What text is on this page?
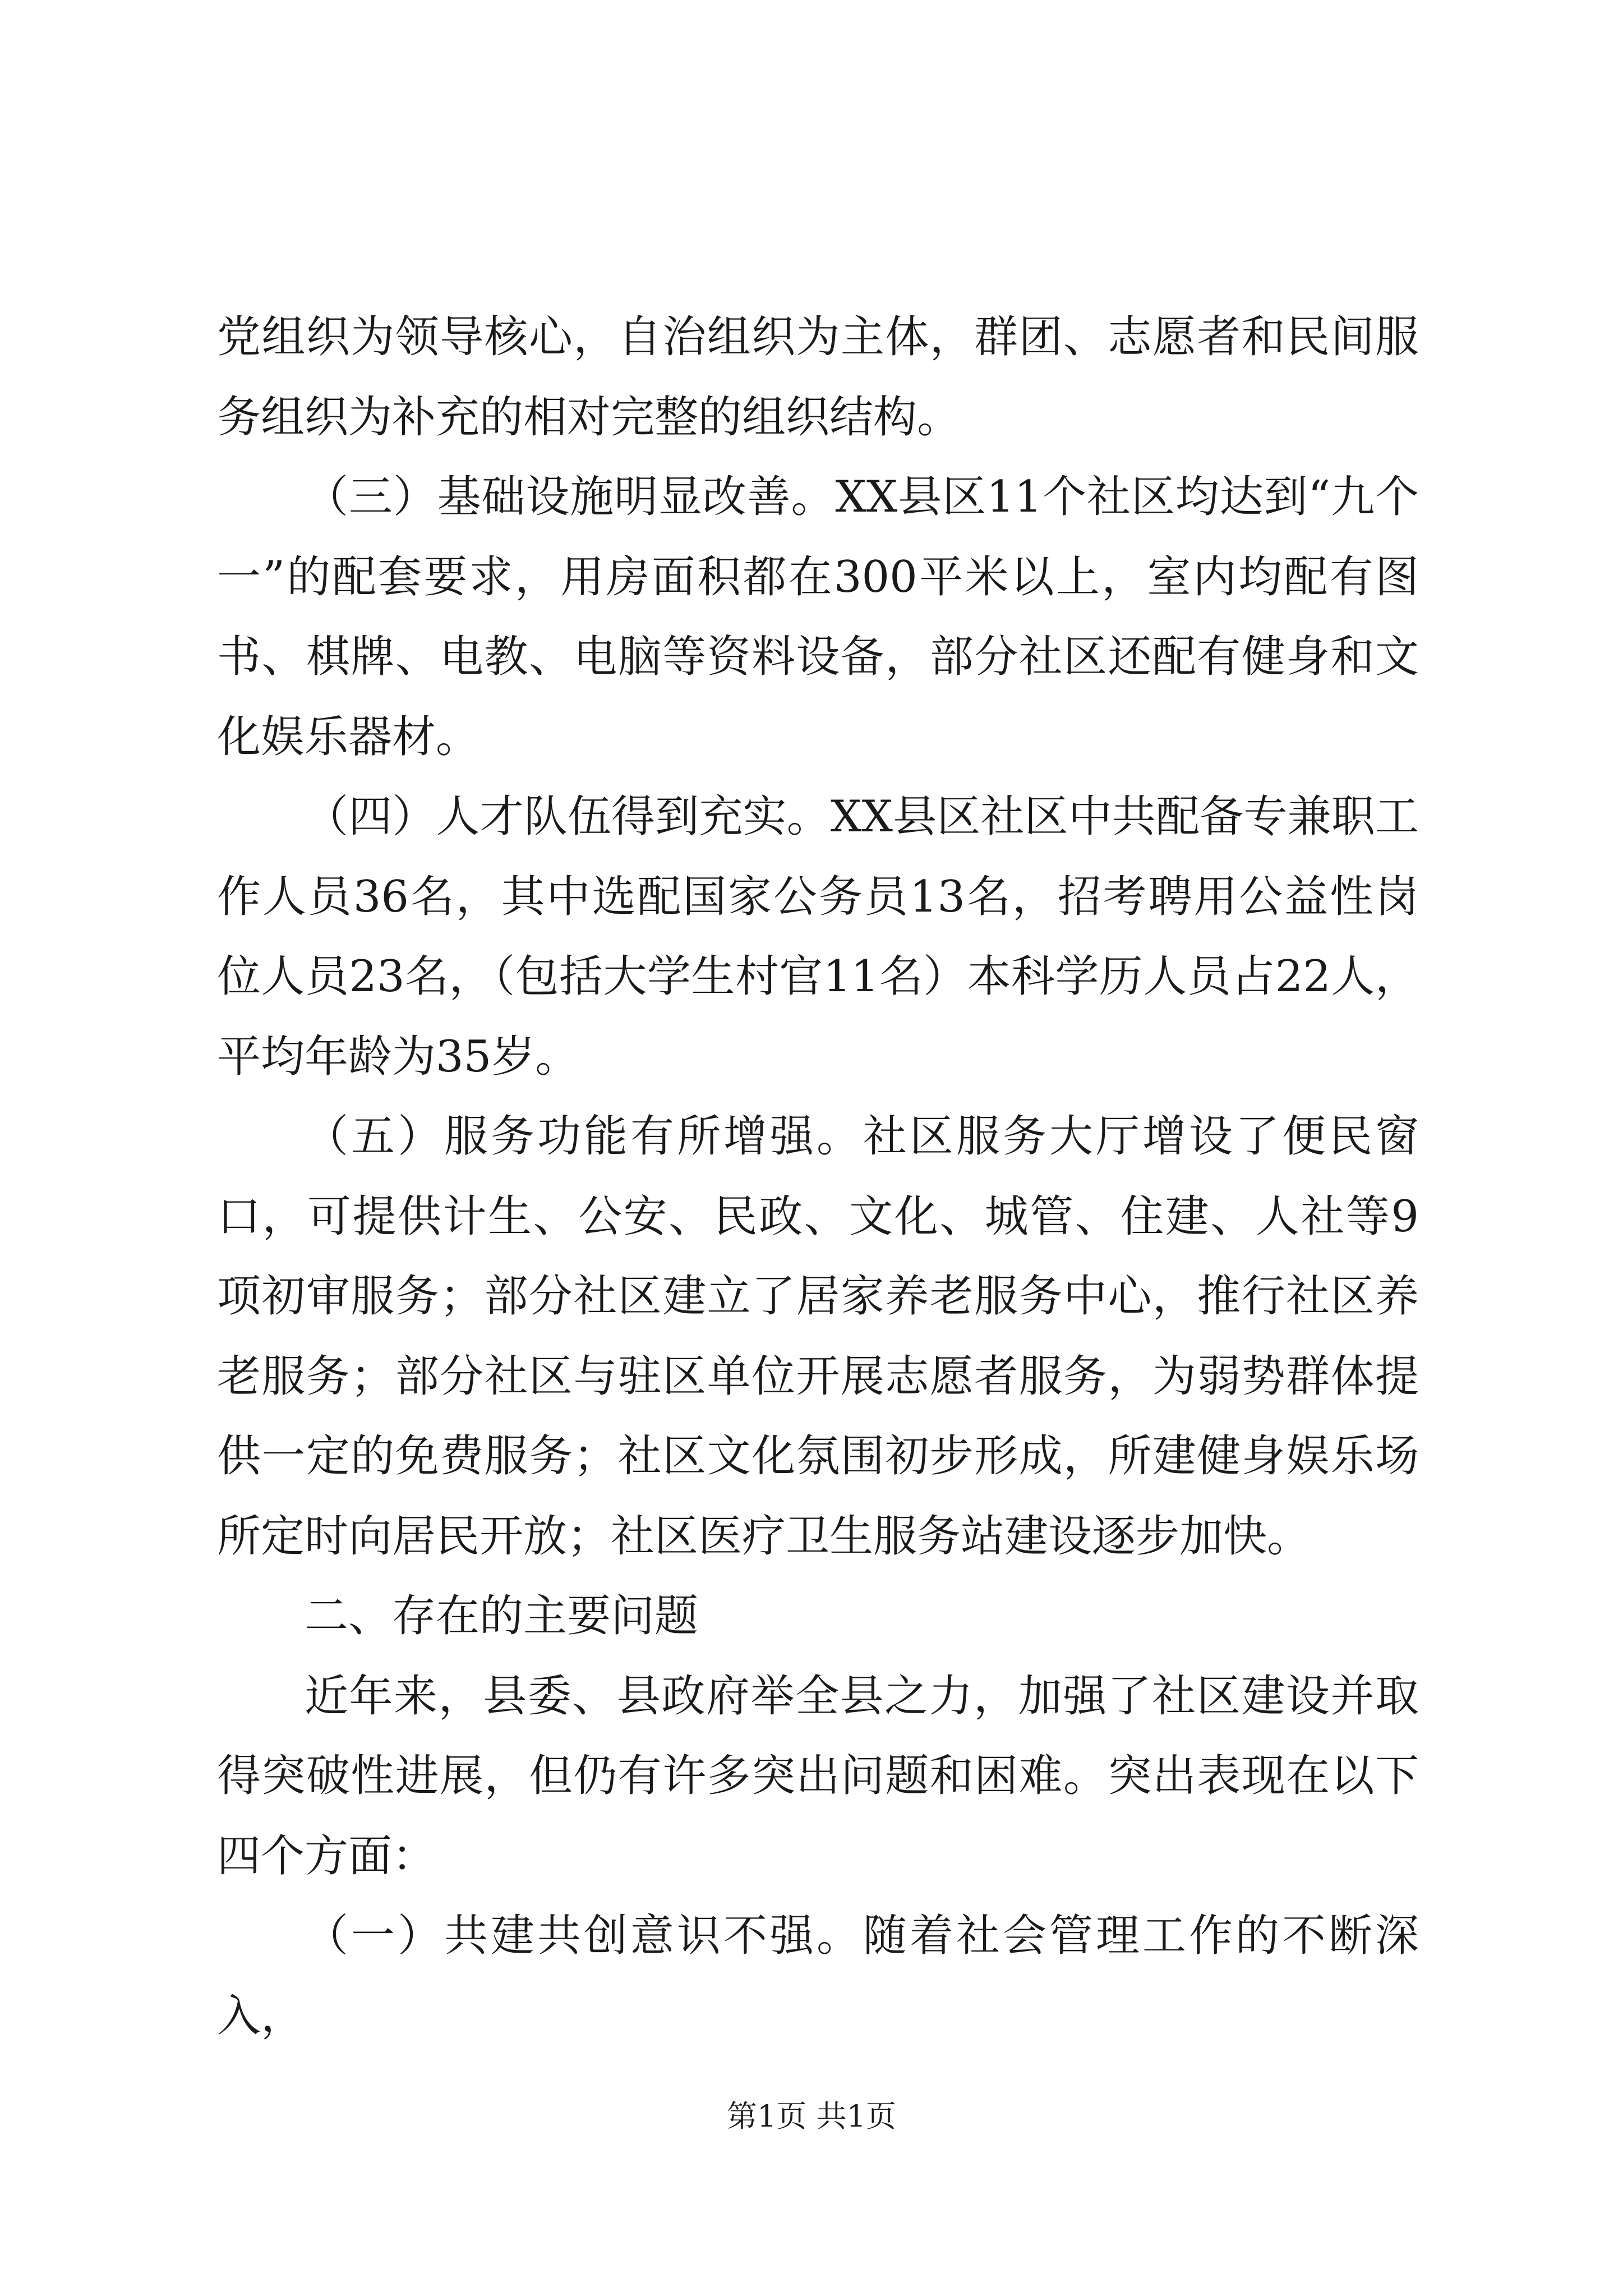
党组织为领导核心，自治组织为主体，群团、志愿者和民间服务组织为补充的相对完整的组织结构。

（三）基础设施明显改善。XX县区11个社区均达到“九个一”的配套要求，用房面积都在300平米以上，室内均配有图书、棋牌、电教、电脑等资料设备，部分社区还配有健身和文化娱乐器材。

（四）人才队伍得到充实。XX县区社区中共配备专兼职工作人员36名，其中选配国家公务员13名，招考聘用公益性岗位人员23名，（包括大学生村官11名）本科学历人员占22人，平均年龄为35岁。

（五）服务功能有所增强。社区服务大厅增设了便民窗口，可提供计生、公安、民政、文化、城管、住建、人社等9项初审服务；部分社区建立了居家养老服务中心，推行社区养老服务；部分社区与驻区单位开展志愿者服务，为弱势群体提供一定的免费服务；社区文化氛围初步形成，所建健身娱乐场所定时向居民开放；社区医疗卫生服务站建设逐步加快。

二、存在的主要问题

近年来，县委、县政府举全县之力，加强了社区建设并取得突破性进展，但仍有许多突出问题和困难。突出表现在以下四个方面：

（一）共建共创意识不强。随着社会管理工作的不断深入，

第1页 共1页
